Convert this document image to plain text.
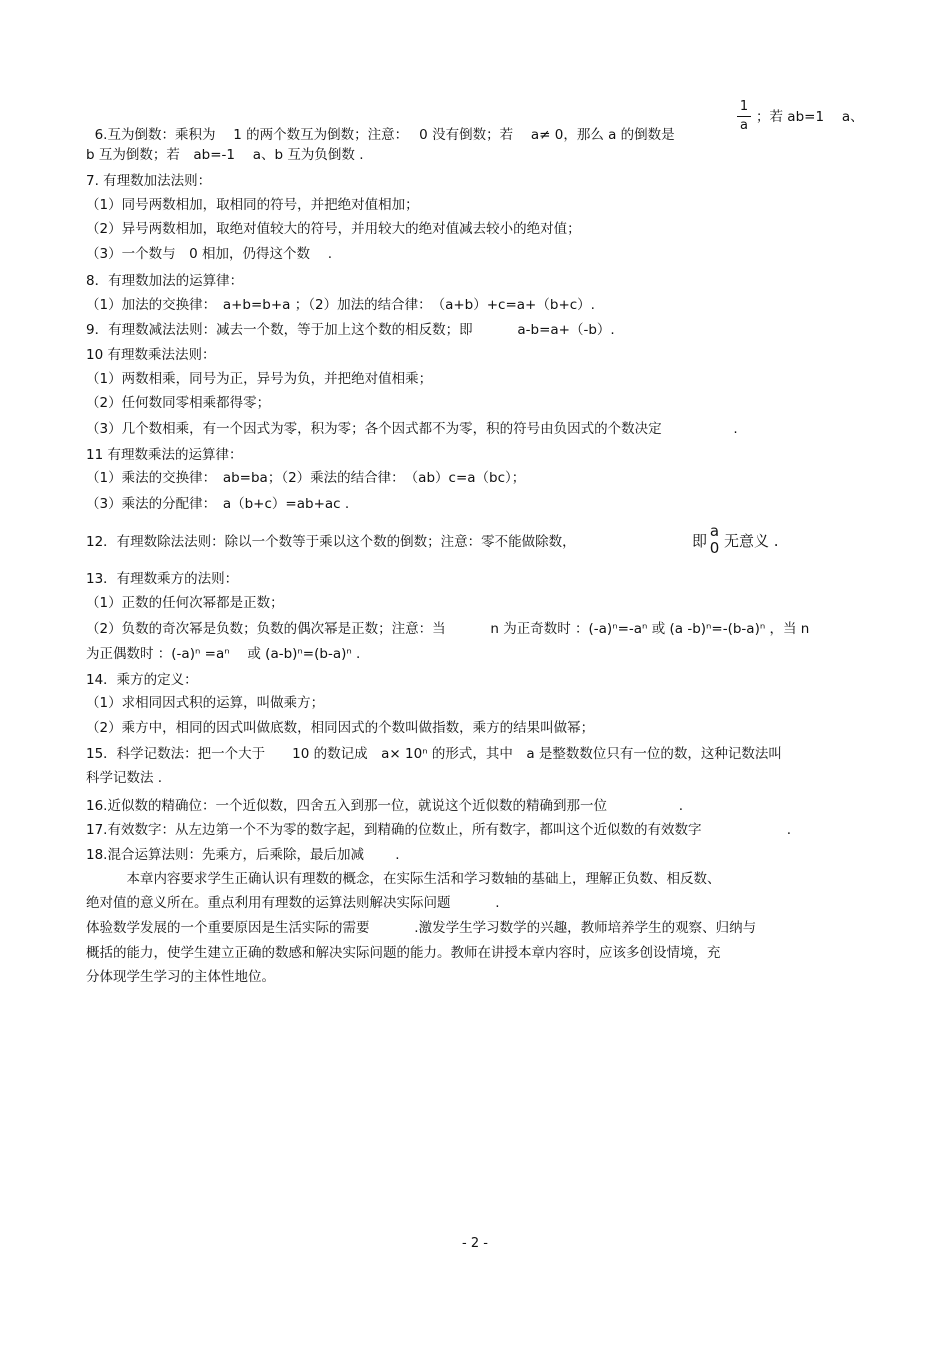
6.互为倒数：乘积为　 1 的两个数互为倒数；注意：　 0 没有倒数；若　 a≠ 0，那么 a 的倒数是

1
a
；若 ab=1　 a、
b 互为倒数；若　ab=-1　 a、b 互为负倒数 .
7. 有理数加法法则：
（1）同号两数相加，取相同的符号，并把绝对值相加；
（2）异号两数相加，取绝对值较大的符号，并用较大的绝对值减去较小的绝对值；
（3）一个数与　0 相加，仍得这个数　 .
8．有理数加法的运算律：
（1）加法的交换律：　a+b=b+a ；（2）加法的结合律：　（a+b）+c=a+（b+c）.
9．有理数减法法则：减去一个数，等于加上这个数的相反数；即　　　 a-b=a+（-b）.
10 有理数乘法法则：
（1）两数相乘，同号为正，异号为负，并把绝对值相乘；
（2）任何数同零相乘都得零；
（3）几个数相乘，有一个因式为零，积为零；各个因式都不为零，积的符号由负因式的个数决定　　　　　 .
11 有理数乘法的运算律：
（1）乘法的交换律：　ab=ba；（2）乘法的结合律：　（ab）c=a（bc）；
（3）乘法的分配律：　a（b+c）=ab+ac .
12．有理数除法法则：除以一个数等于乘以这个数的倒数；注意：零不能做除数，	即
a
0 无意义 .
13．有理数乘方的法则：
（1）正数的任何次幂都是正数；
（2）负数的奇次幂是负数；负数的偶次幂是正数；注意：当　　　 n 为正奇数时 ：(-a)ⁿ=-aⁿ 或 (a -b)ⁿ=-(b-a)ⁿ ，当 n
为正偶数时 ：(-a)ⁿ =aⁿ　 或 (a-b)ⁿ=(b-a)ⁿ .
14．乘方的定义：
（1）求相同因式积的运算，叫做乘方；
（2）乘方中，相同的因式叫做底数，相同因式的个数叫做指数，乘方的结果叫做幂；
15．科学记数法：把一个大于　　10 的数记成　a× 10ⁿ 的形式，其中　a 是整数数位只有一位的数，这种记数法叫
科学记数法 .
16.近似数的精确位：一个近似数，四舍五入到那一位，就说这个近似数的精确到那一位　　　　　 .
17.有效数字：从左边第一个不为零的数字起，到精确的位数止，所有数字，都叫这个近似数的有效数字　　　　　　 .
18.混合运算法则：先乘方，后乘除，最后加减　　 .
　　　本章内容要求学生正确认识有理数的概念，在实际生活和学习数轴的基础上，理解正负数、相反数、
绝对值的意义所在。重点利用有理数的运算法则解决实际问题　　　 .
体验数学发展的一个重要原因是生活实际的需要　　　 .激发学生学习数学的兴趣，教师培养学生的观察、归纳与
概括的能力，使学生建立正确的数感和解决实际问题的能力。教师在讲授本章内容时，应该多创设情境，充
分体现学生学习的主体性地位。
- 2 -
